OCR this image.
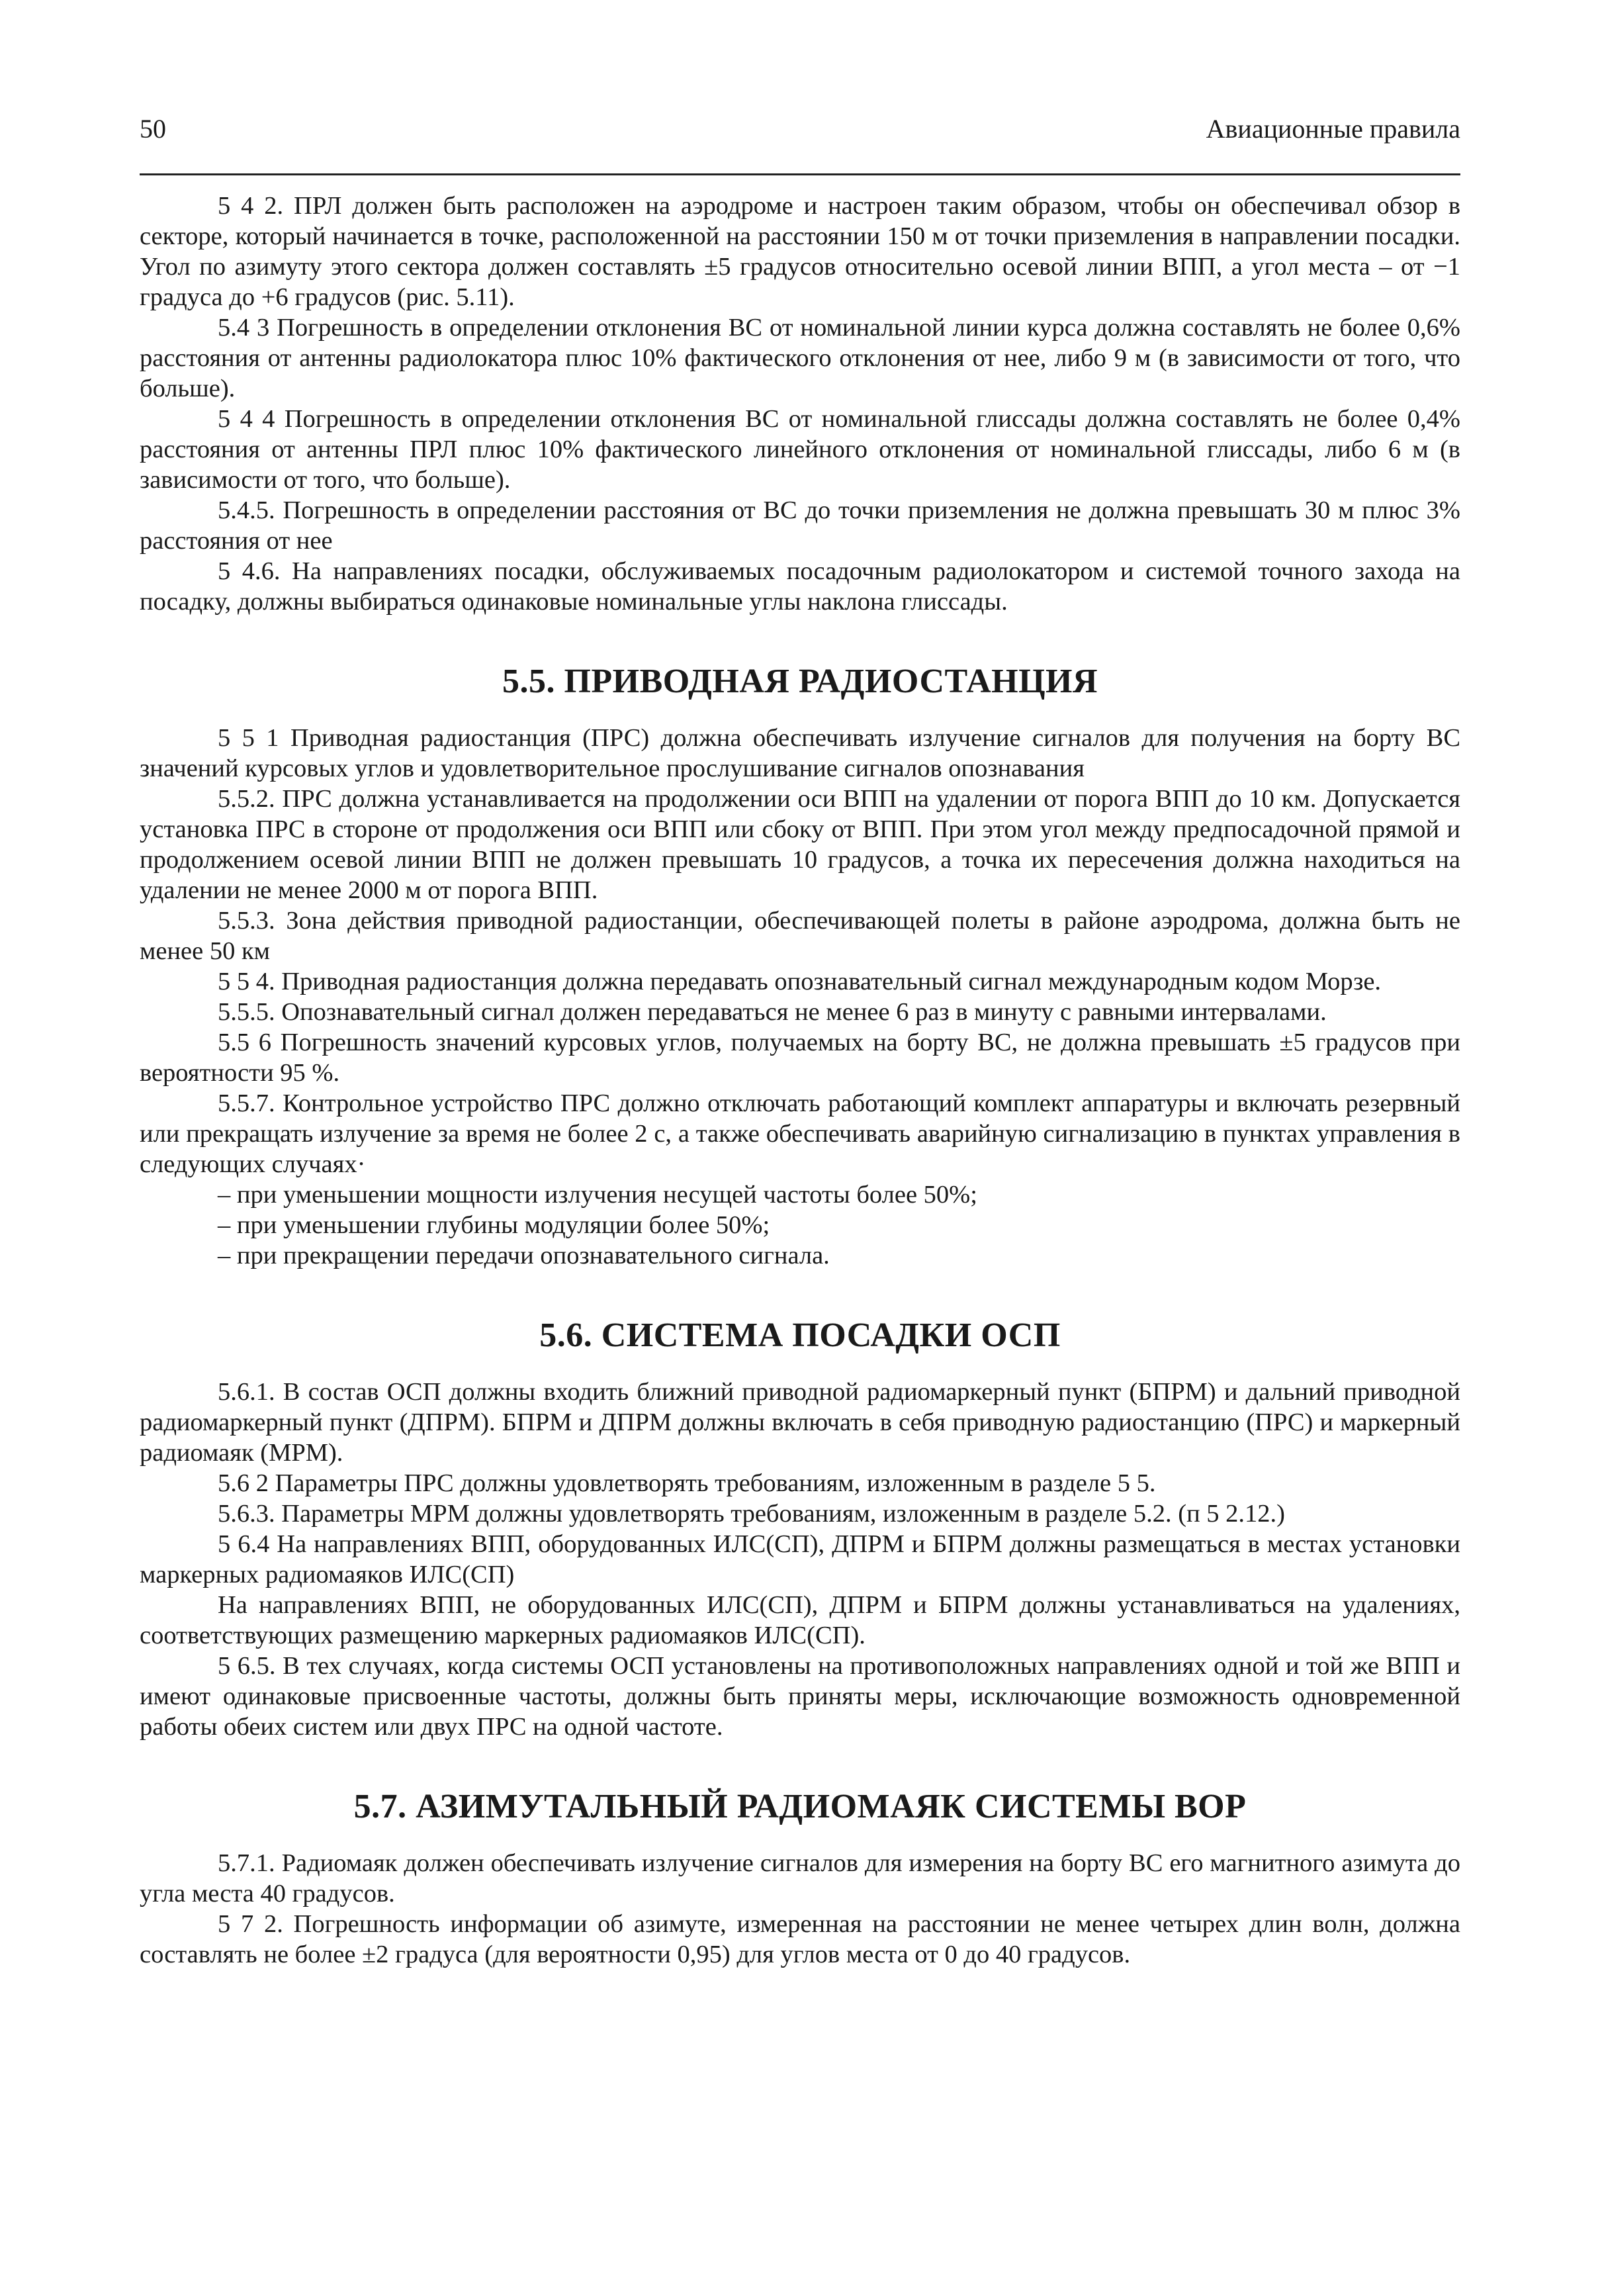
50	Авиационные правила

5 4 2. ПРЛ должен быть расположен на аэродроме и настроен таким образом, чтобы он обеспечивал обзор в секторе, который начинается в точке, расположенной на расстоянии 150 м от точки приземления в направлении посадки. Угол по азимуту этого сектора должен составлять ±5 градусов относительно осевой линии ВПП, а угол места – от −1 градуса до +6 градусов (рис. 5.11).

5.4 3 Погрешность в определении отклонения ВС от номинальной линии курса должна составлять не более 0,6% расстояния от антенны радиолокатора плюс 10% фактического отклонения от нее, либо 9 м (в зависимости от того, что больше).

5 4 4 Погрешность в определении отклонения ВС от номинальной глиссады должна составлять не более 0,4% расстояния от антенны ПРЛ плюс 10% фактического линейного отклонения от номинальной глиссады, либо 6 м (в зависимости от того, что больше).

5.4.5. Погрешность в определении расстояния от ВС до точки приземления не должна превышать 30 м плюс 3% расстояния от нее

5 4.6. На направлениях посадки, обслуживаемых посадочным радиолокатором и системой точного захода на посадку, должны выбираться одинаковые номинальные углы наклона глиссады.

5.5. ПРИВОДНАЯ РАДИОСТАНЦИЯ

5 5 1 Приводная радиостанция (ПРС) должна обеспечивать излучение сигналов для получения на борту ВС значений курсовых углов и удовлетворительное прослушивание сигналов опознавания

5.5.2. ПРС должна устанавливается на продолжении оси ВПП на удалении от порога ВПП до 10 км. Допускается установка ПРС в стороне от продолжения оси ВПП или сбоку от ВПП. При этом угол между предпосадочной прямой и продолжением осевой линии ВПП не должен превышать 10 градусов, а точка их пересечения должна находиться на удалении не менее 2000 м от порога ВПП.

5.5.3. Зона действия приводной радиостанции, обеспечивающей полеты в районе аэродрома, должна быть не менее 50 км

5 5 4. Приводная радиостанция должна передавать опознавательный сигнал международным кодом Морзе.

5.5.5. Опознавательный сигнал должен передаваться не менее 6 раз в минуту с равными интервалами.

5.5 6 Погрешность значений курсовых углов, получаемых на борту ВС, не должна превышать ±5 градусов при вероятности 95 %.

5.5.7. Контрольное устройство ПРС должно отключать работающий комплект аппаратуры и включать резервный или прекращать излучение за время не более 2 с, а также обеспечивать аварийную сигнализацию в пунктах управления в следующих случаях·

– при уменьшении мощности излучения несущей частоты более 50%;

– при уменьшении глубины модуляции более 50%;

– при прекращении передачи опознавательного сигнала.

5.6. СИСТЕМА ПОСАДКИ ОСП

5.6.1. В состав ОСП должны входить ближний приводной радиомаркерный пункт (БПРМ) и дальний приводной радиомаркерный пункт (ДПРМ). БПРМ и ДПРМ должны включать в себя приводную радиостанцию (ПРС) и маркерный радиомаяк (МРМ).

5.6 2 Параметры ПРС должны удовлетворять требованиям, изложенным в разделе 5 5.

5.6.3. Параметры МРМ должны удовлетворять требованиям, изложенным в разделе 5.2. (п 5 2.12.)

5 6.4 На направлениях ВПП, оборудованных ИЛС(СП), ДПРМ и БПРМ должны размещаться в местах установки маркерных радиомаяков ИЛС(СП)

На направлениях ВПП, не оборудованных ИЛС(СП), ДПРМ и БПРМ должны устанавливаться на удалениях, соответствующих размещению маркерных радиомаяков ИЛС(СП).

5 6.5. В тех случаях, когда системы ОСП установлены на противоположных направлениях одной и той же ВПП и имеют одинаковые присвоенные частоты, должны быть приняты меры, исключающие возможность одновременной работы обеих систем или двух ПРС на одной частоте.

5.7. АЗИМУТАЛЬНЫЙ РАДИОМАЯК СИСТЕМЫ ВОР

5.7.1. Радиомаяк должен обеспечивать излучение сигналов для измерения на борту ВС его магнитного азимута до угла места 40 градусов.

5 7 2. Погрешность информации об азимуте, измеренная на расстоянии не менее четырех длин волн, должна составлять не более ±2 градуса (для вероятности 0,95) для углов места от 0 до 40 градусов.
